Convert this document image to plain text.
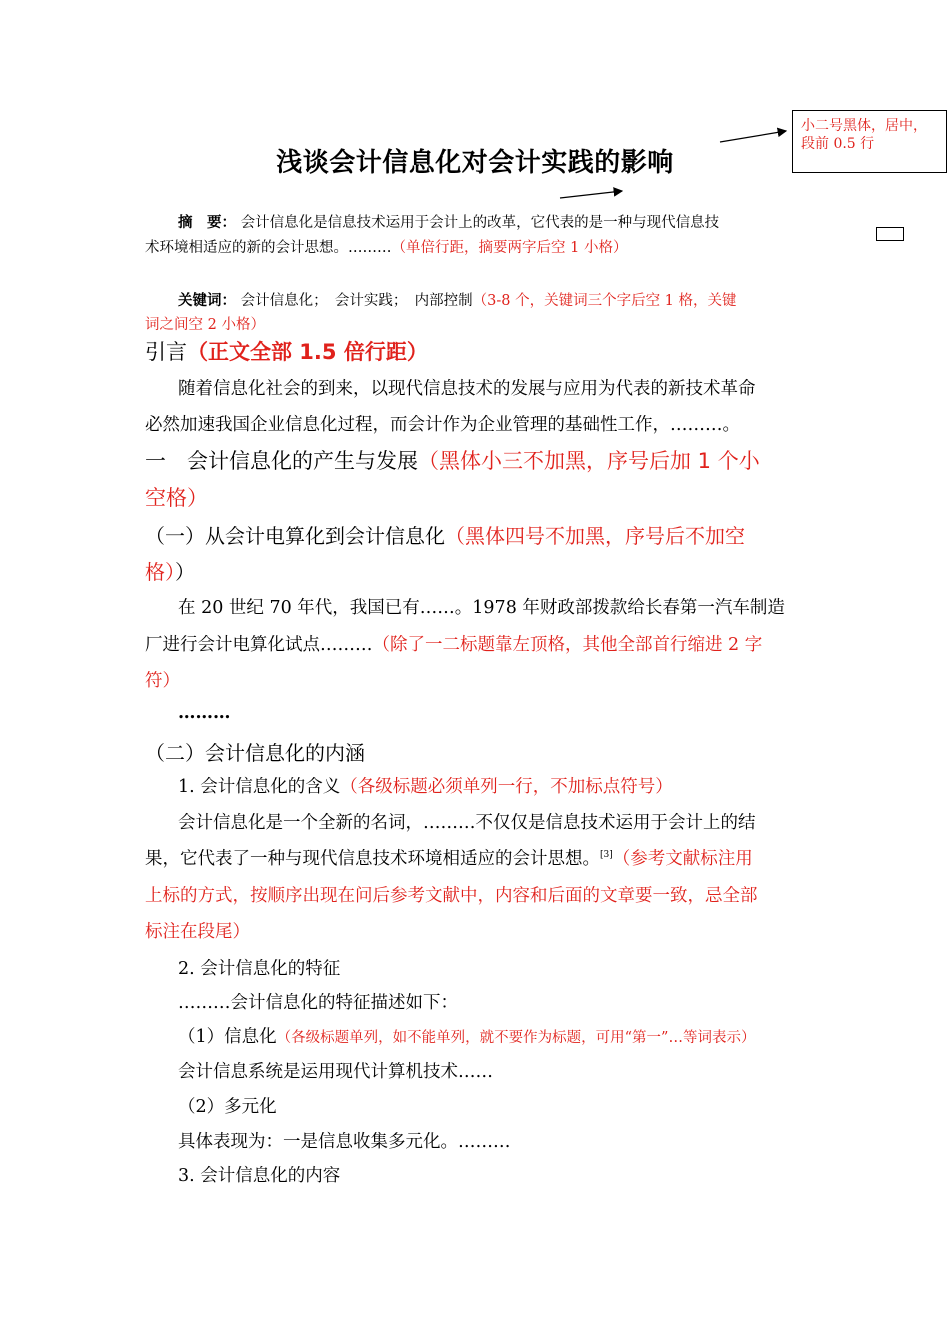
小二号黑体，居中，
段前 0.5 行
浅谈会计信息化对会计实践的影响
摘　要： 会计信息化是信息技术运用于会计上的改革，它代表的是一种与现代信息技
术环境相适应的新的会计思想。………（单倍行距，摘要两字后空 1 小格）
关键词： 会计信息化；　会计实践；　内部控制（3-8 个，关键词三个字后空 1 格，关键
词之间空 2 小格）
引言（正文全部 1.5 倍行距）
随着信息化社会的到来，以现代信息技术的发展与应用为代表的新技术革命
必然加速我国企业信息化过程，而会计作为企业管理的基础性工作，………。
一　会计信息化的产生与发展（黑体小三不加黑，序号后加 1 个小
空格）
（一）从会计电算化到会计信息化（黑体四号不加黑，序号后不加空
格））
在 20 世纪 70 年代，我国已有……。1978 年财政部拨款给长春第一汽车制造
厂进行会计电算化试点………（除了一二标题靠左顶格，其他全部首行缩进 2 字
符）
………
（二）会计信息化的内涵
1. 会计信息化的含义（各级标题必须单列一行，不加标点符号）
会计信息化是一个全新的名词，………不仅仅是信息技术运用于会计上的结
果，它代表了一种与现代信息技术环境相适应的会计思想。[3]（参考文献标注用
上标的方式，按顺序出现在问后参考文献中，内容和后面的文章要一致，忌全部
标注在段尾）
2. 会计信息化的特征
………会计信息化的特征描述如下：
（1）信息化（各级标题单列，如不能单列，就不要作为标题，可用“第一”…等词表示）
会计信息系统是运用现代计算机技术……
（2）多元化
具体表现为：一是信息收集多元化。………
3. 会计信息化的内容
